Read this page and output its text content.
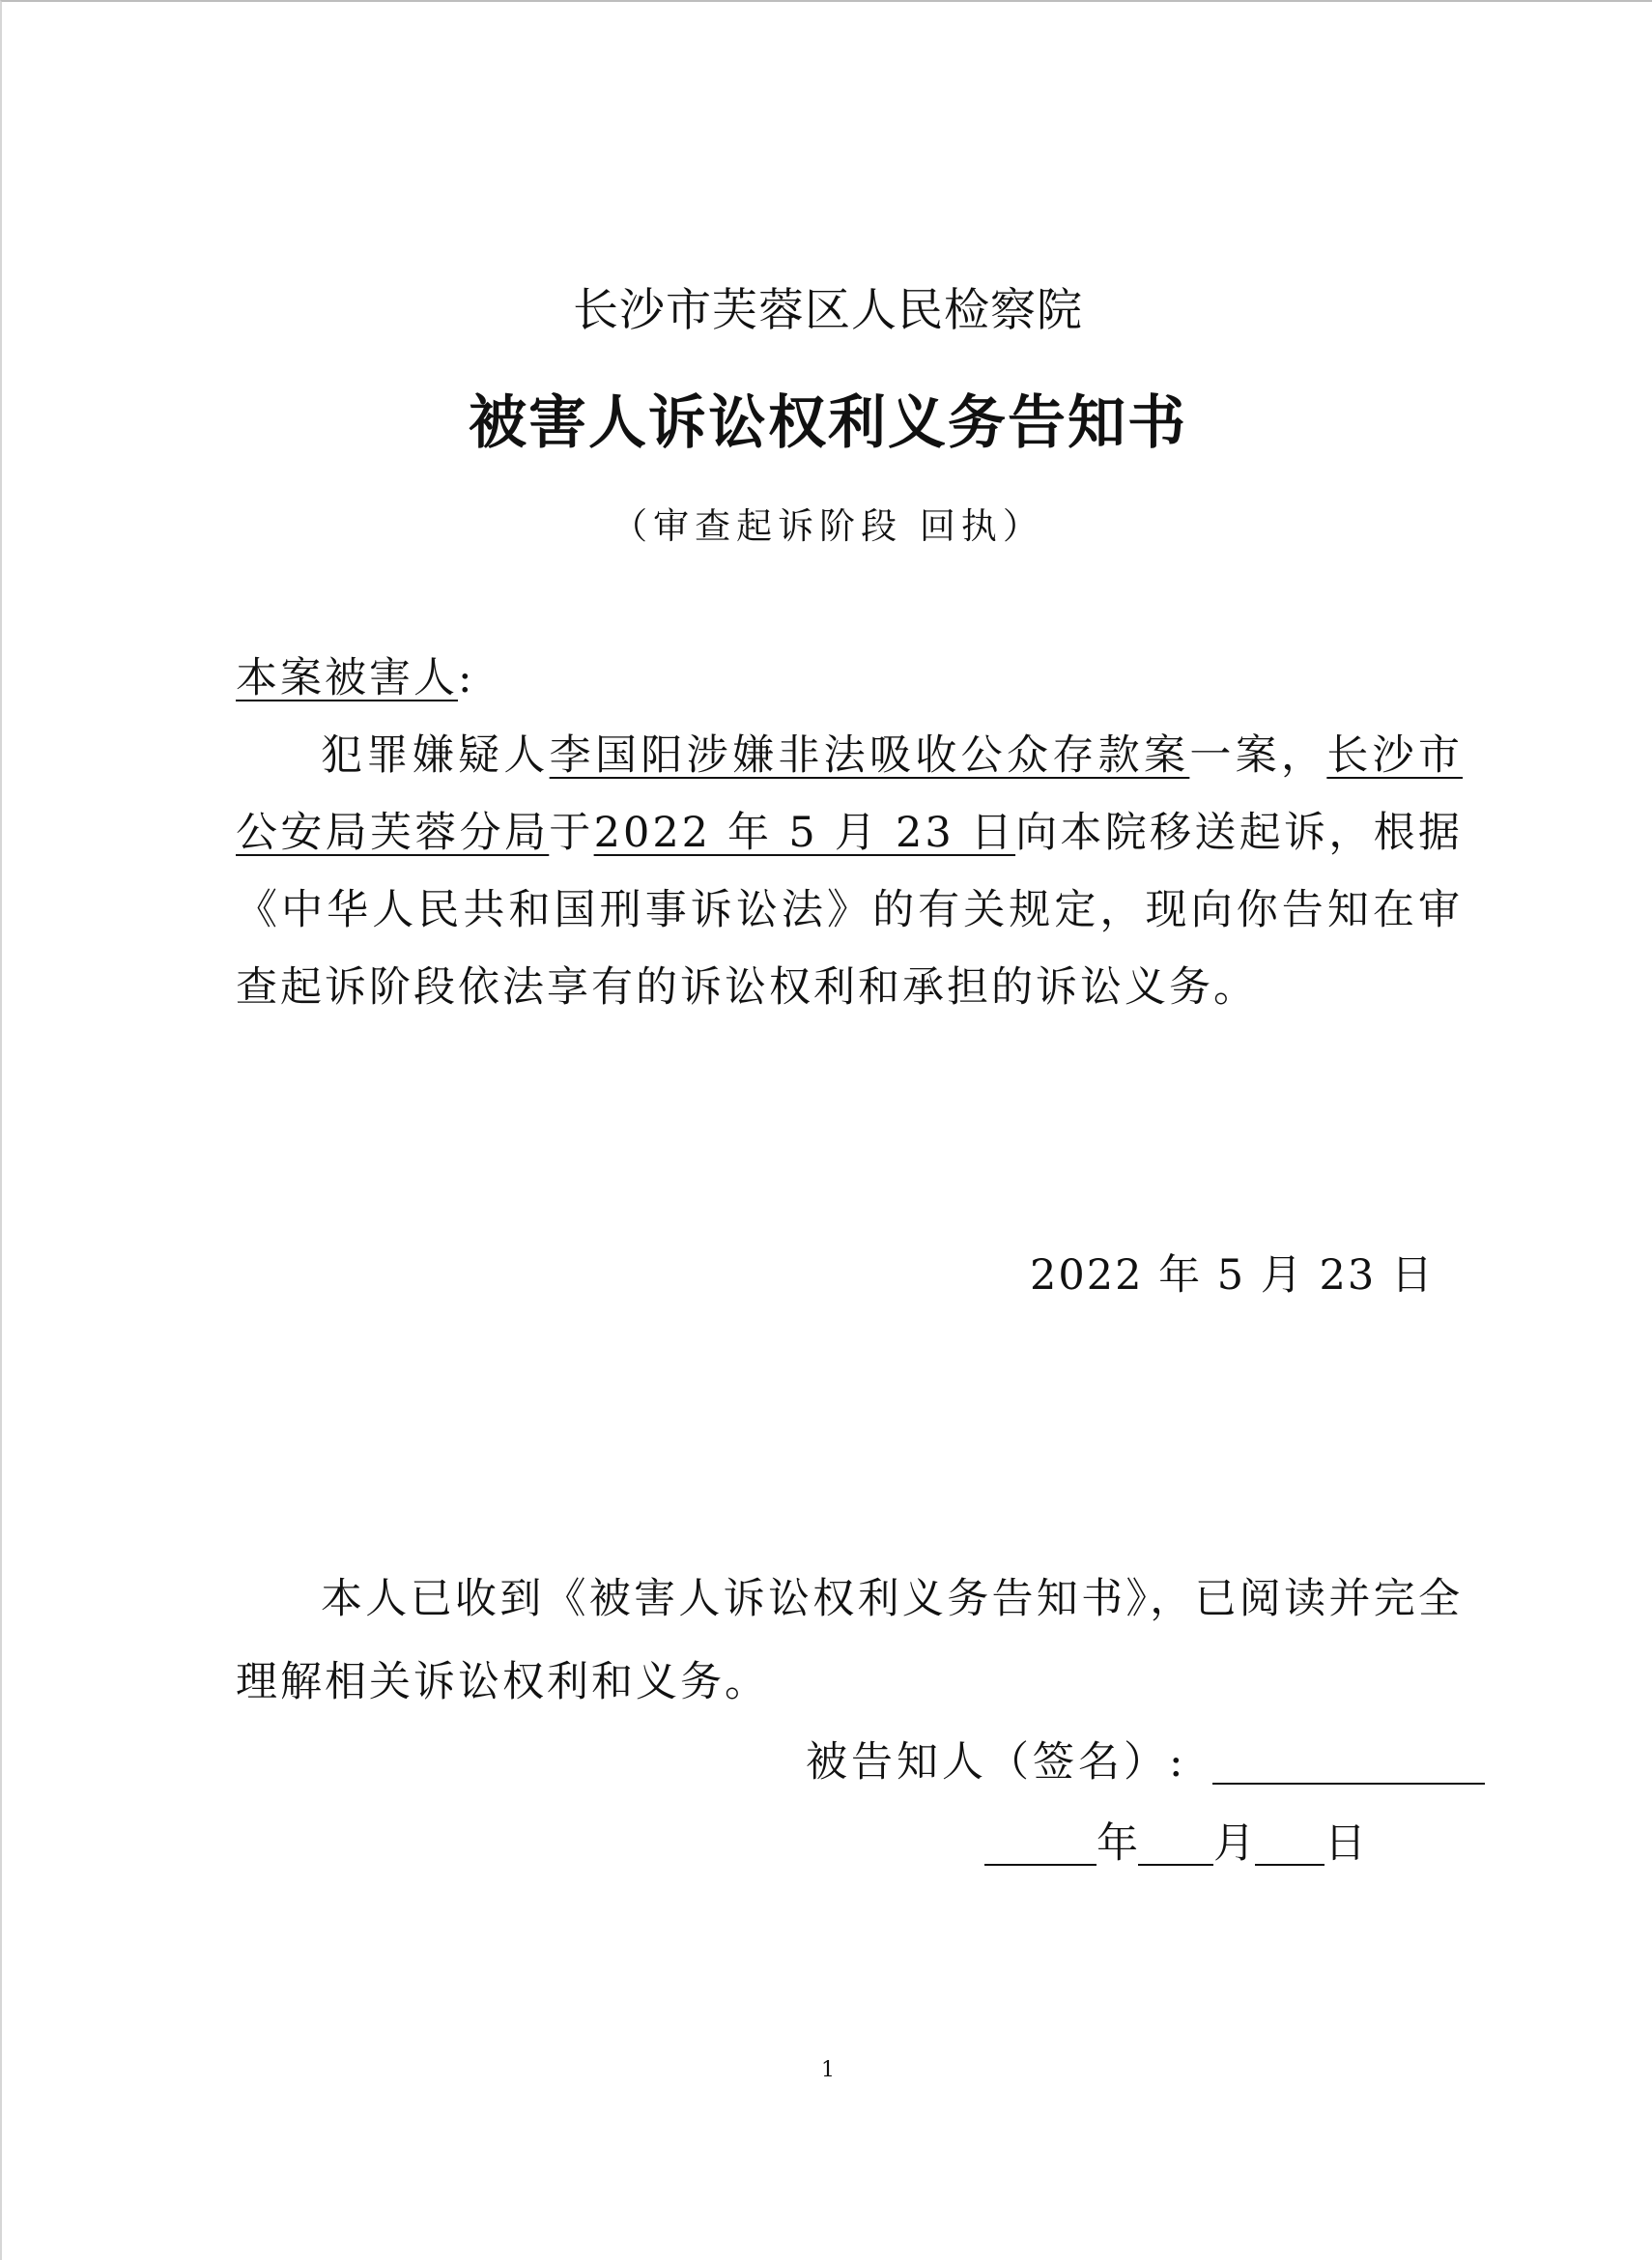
长沙市芙蓉区人民检察院
被害人诉讼权利义务告知书
（审查起诉阶段 回执）
本案被害人:
犯罪嫌疑人李国阳涉嫌非法吸收公众存款案一案，长沙市公安局芙蓉分局于2022 年 5 月 23 日向本院移送起诉，根据《中华人民共和国刑事诉讼法》的有关规定，现向你告知在审查起诉阶段依法享有的诉讼权利和承担的诉讼义务。
2022 年 5 月 23 日
本人已收到《被害人诉讼权利义务告知书》，已阅读并完全理解相关诉讼权利和义务。
被告知人（签名）:
年 月 日
1
